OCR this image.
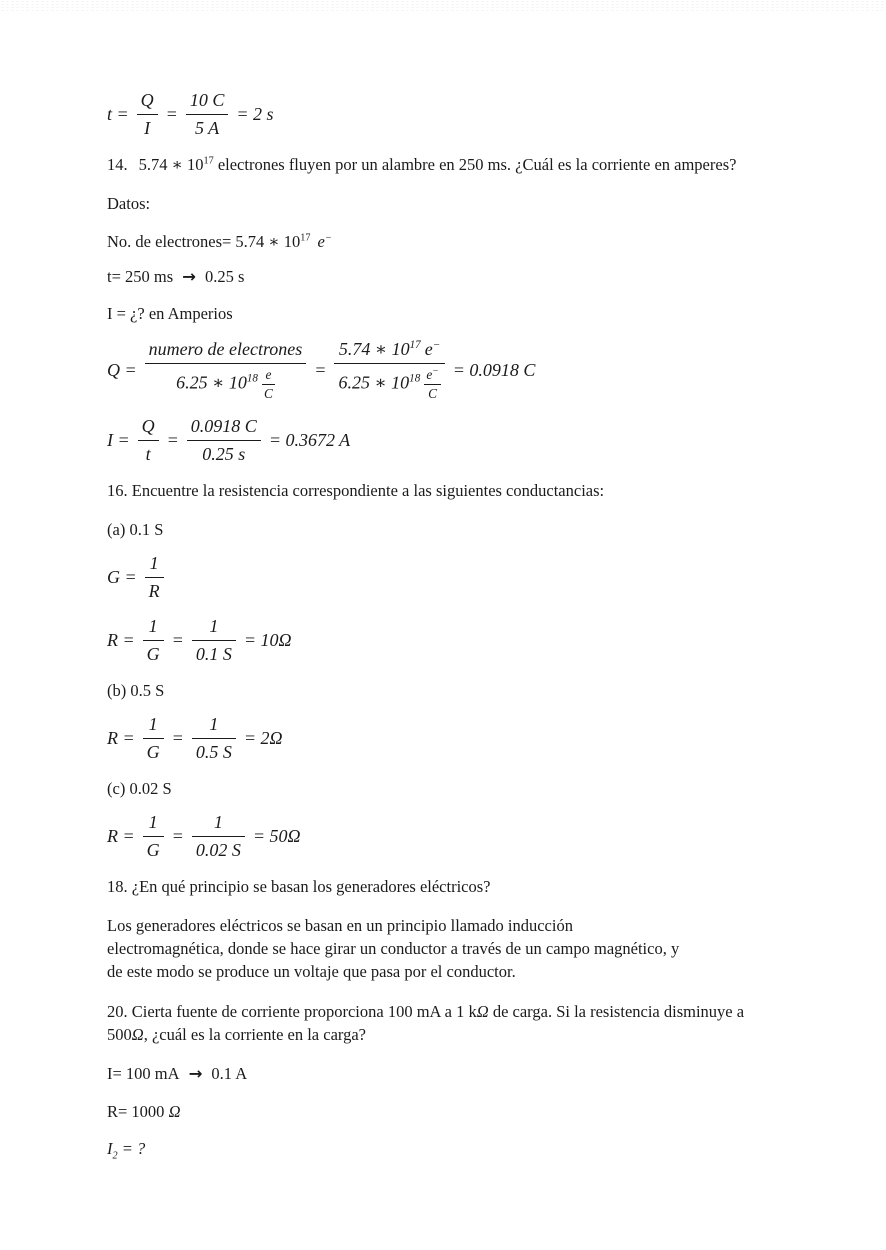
$t = \frac{Q}{I} = \frac{10 C}{5 A} = 2$ s

14. 5.74 ∗ $10^{17}$ electrones fluyen por un alambre en 250 ms. ¿Cuál es la corriente en amperes?

Datos:

No. de electrones= 5.74 ∗ $10^{17}$ e−

t= 250 ms → 0.25 s

I = ¿? en Amperios

$Q = \frac{\text{numero de electrones}}{6.25 ∗ 10^{18} \frac{e}{C}} = \frac{5.74 ∗ 10^{17} e^-}{6.25 ∗ 10^{18} \frac{e^-}{C}} = 0.0918$ C
$I = \frac{Q}{t} = \frac{0.0918 C}{0.25 s} = 0.3672$ A

16. Encuentre la resistencia correspondiente a las siguientes conductancias:

(a) 0.1 S

$G = \frac{1}{R}$
$R = \frac{1}{G} = \frac{1}{0.1 S} = 10\Omega$

(b) 0.5 S

$R = \frac{1}{G} = \frac{1}{0.5 S} = 2\Omega$

(c) 0.02 S

$R = \frac{1}{G} = \frac{1}{0.02 S} = 50\Omega$

18. ¿En qué principio se basan los generadores eléctricos?

Los generadores eléctricos se basan en un principio llamado inducción
electromagnética, donde se hace girar un conductor a través de un campo magnético, y
de este modo se produce un voltaje que pasa por el conductor.

20. Cierta fuente de corriente proporciona 100 mA a 1 kΩ de carga. Si la resistencia disminuye a 500Ω, ¿cuál es la corriente en la carga?

I= 100 mA → 0.1 A

R= 1000 Ω

$I_2$ = ?
